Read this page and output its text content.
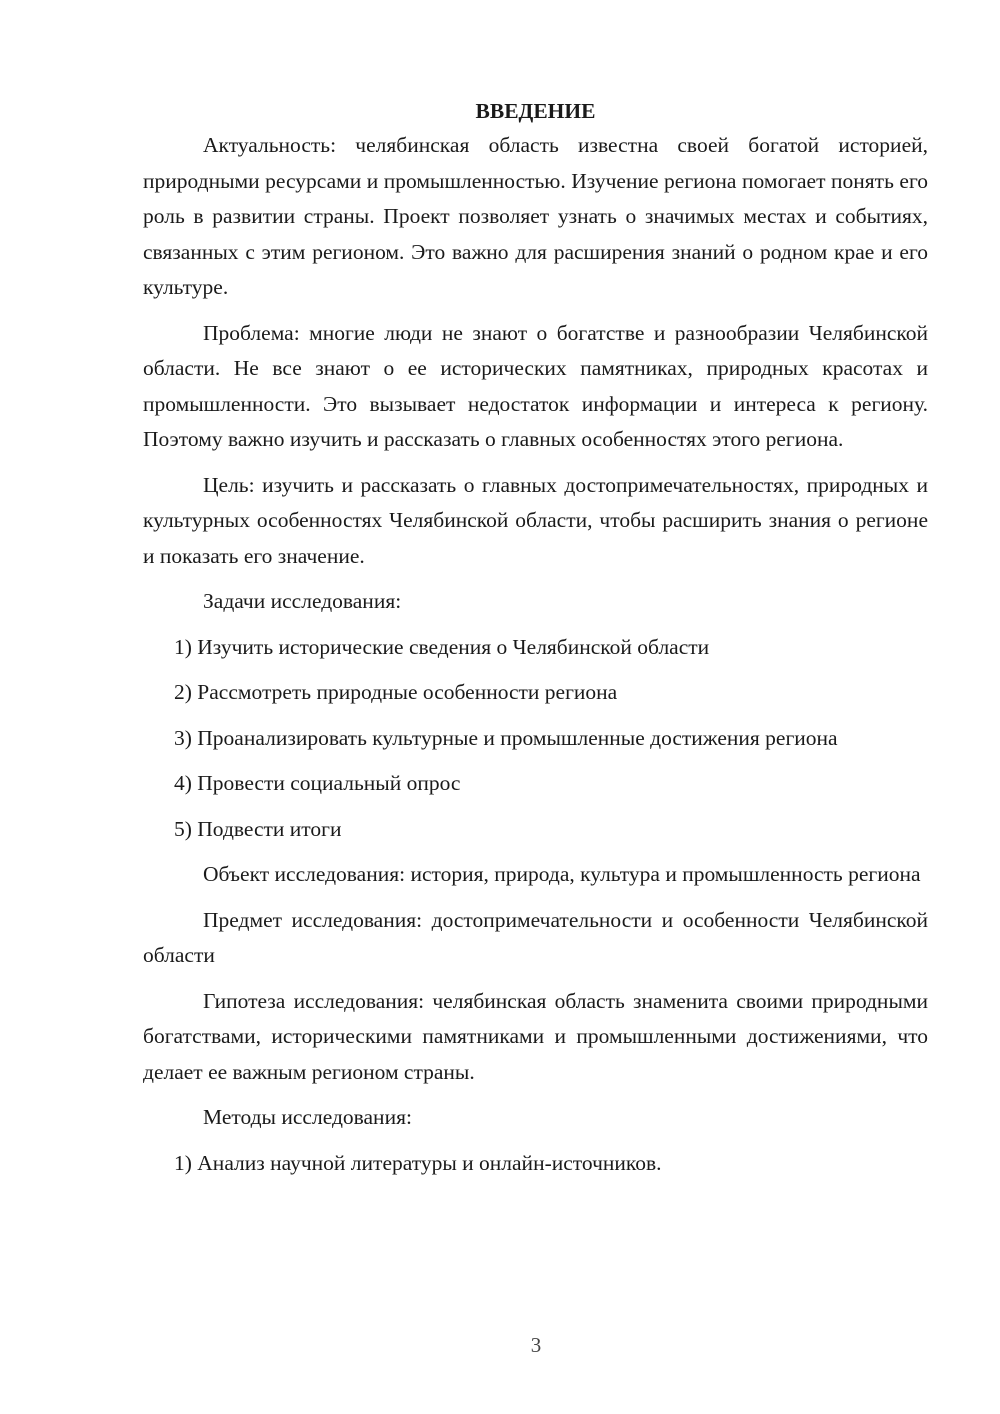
ВВЕДЕНИЕ

Актуальность: челябинская область известна своей богатой историей, природными ресурсами и промышленностью. Изучение региона помогает понять его роль в развитии страны. Проект позволяет узнать о значимых местах и событиях, связанных с этим регионом. Это важно для расширения знаний о родном крае и его культуре.

Проблема: многие люди не знают о богатстве и разнообразии Челябинской области. Не все знают о ее исторических памятниках, природных красотах и промышленности. Это вызывает недостаток информации и интереса к региону. Поэтому важно изучить и рассказать о главных особенностях этого региона.

Цель: изучить и рассказать о главных достопримечательностях, природных и культурных особенностях Челябинской области, чтобы расширить знания о регионе и показать его значение.

Задачи исследования:

1) Изучить исторические сведения о Челябинской области

2) Рассмотреть природные особенности региона

3) Проанализировать культурные и промышленные достижения региона

4) Провести социальный опрос

5) Подвести итоги

Объект исследования: история, природа, культура и промышленность региона

Предмет исследования: достопримечательности и особенности Челябинской области

Гипотеза исследования: челябинская область знаменита своими природными богатствами, историческими памятниками и промышленными достижениями, что делает ее важным регионом страны.

Методы исследования:

1) Анализ научной литературы и онлайн-источников.

3
